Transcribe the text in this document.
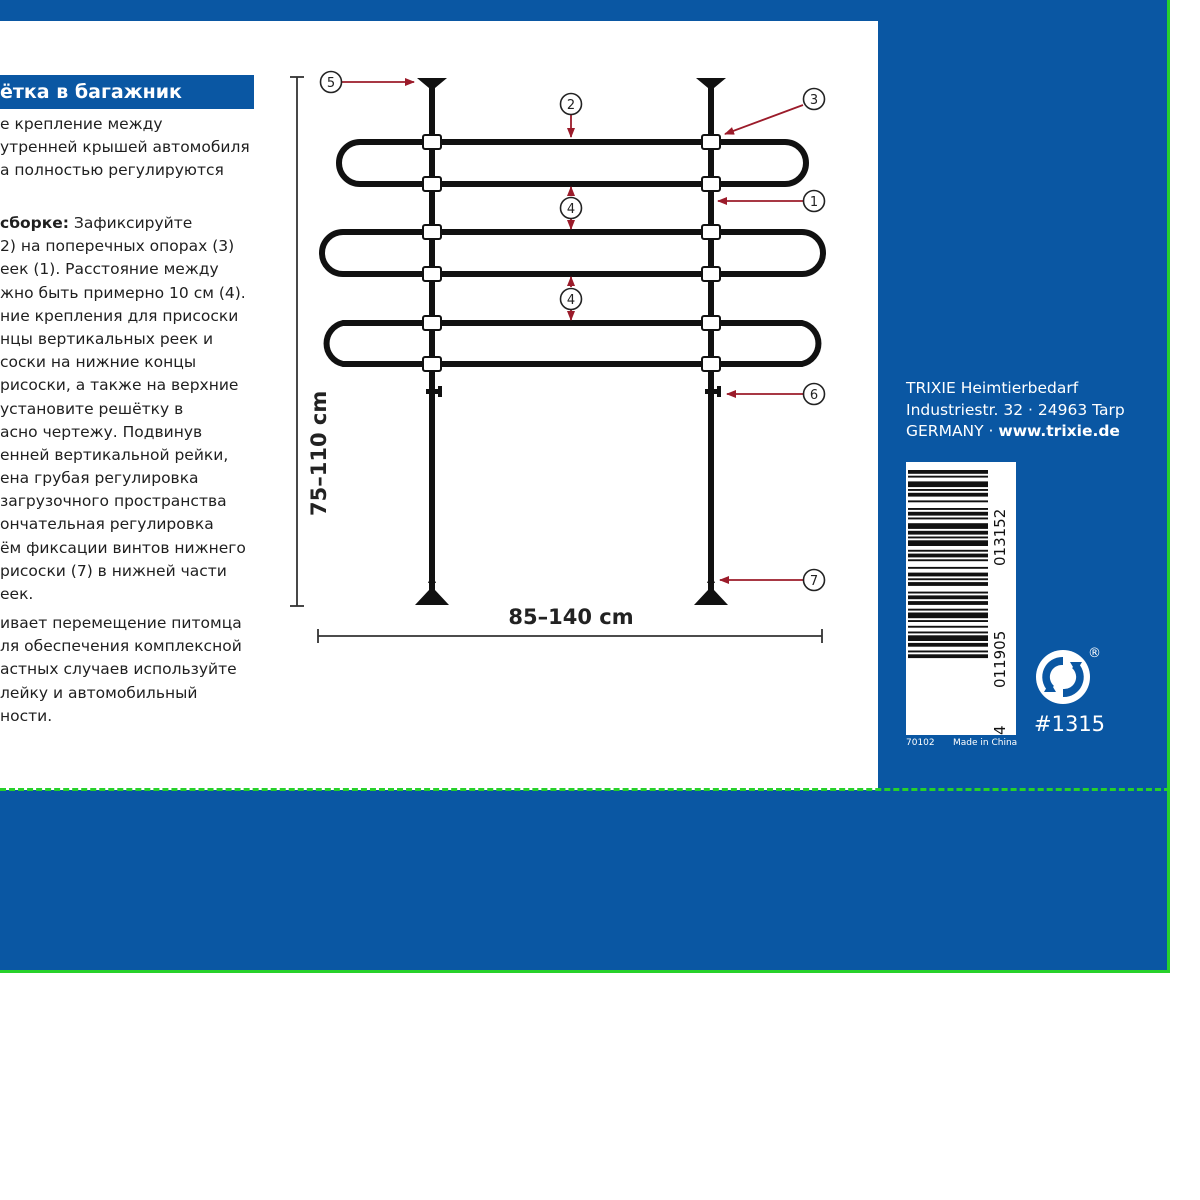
ётка в багажник
е крепление между
утренней крышей автомобиля
а полностью регулируются
сборке: Зафиксируйте
2) на поперечных опорах (3)
еек (1). Расстояние между
жно быть примерно 10 см (4).
ние крепления для присоски
нцы вертикальных реек и
соски на нижние концы
рисоски, а также на верхние
установите решётку в
асно чертежу. Подвинув
енней вертикальной рейки,
ена грубая регулировка
загрузочного пространства
ончательная регулировка
ём фиксации винтов нижнего
рисоски (7) в нижней части
еек.
ивает перемещение питомца
ля обеспечения комплексной
астных случаев используйте
лейку и автомобильный
ности.
75–110 cm
85–140 cm
5
2	3
1
4
4
6
7
TRIXIE Heimtierbedarf
Industriestr. 32 · 24963 Tarp
GERMANY · www.trixie.de
4
011905
013152
70102 Made in China
®
#1315
